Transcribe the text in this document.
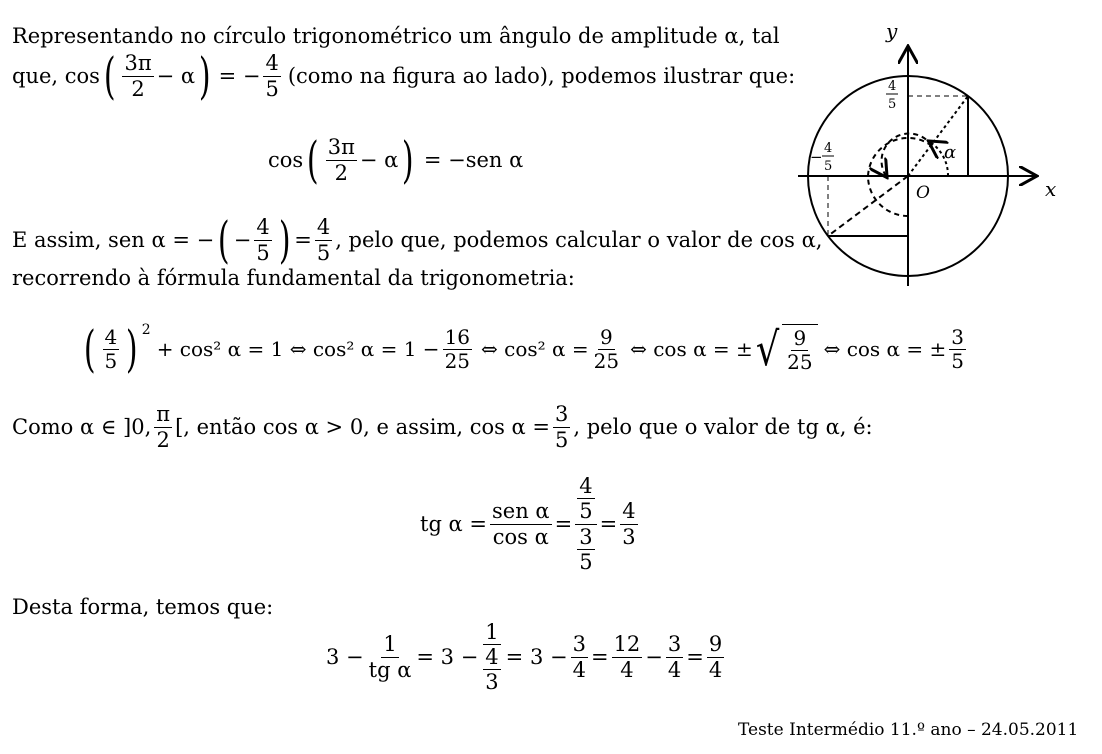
Representando no círculo trigonométrico um ângulo de amplitude α, tal
que, cos ( $\frac{3\pi}{2} - \alpha$ ) = − $\frac{4}{5}$ (como na figura ao lado), podemos ilustrar que:
cos ( $\frac{3\pi}{2} - \alpha$ ) = −sen α
E assim, sen α = − ( − $\frac{4}{5}$ ) = $\frac{4}{5}$ , pelo que, podemos calcular o valor de cos α,
recorrendo à fórmula fundamental da trigonometria:
( $\frac{4}{5}$ ) $^2$
+ cos² α = 1 ⇔ cos² $\alpha = 1 - \frac{16}{25}$ ⇔ cos² $\alpha = \frac{9}{25}$ ⇔ cos α = ± √ $\frac{9}{25}$ ⇔ cos α = ± $\frac{3}{5}$
Como α ∈ ]0, $\frac{\pi}{2}$ [, então cos α > 0, e assim, $\cos \alpha = \frac{3}{5}$ , pelo que o valor de tg α, é:
tg $\alpha = \frac{\text{sen α}}{\text{cos α}} = \frac{\frac{4}{5}}{\frac{3}{5}} = \frac{4}{3}$
Desta forma, temos que:
$3 - \frac{1}{\text{tg α}} = 3 - \frac{1}{\frac{4}{3}} = 3 - \frac{3}{4} = \frac{12}{4} - \frac{3}{4} = \frac{9}{4}$
Teste Intermédio 11.º ano – 24.05.2011
y
x
O
α
4
5
− 4
5
